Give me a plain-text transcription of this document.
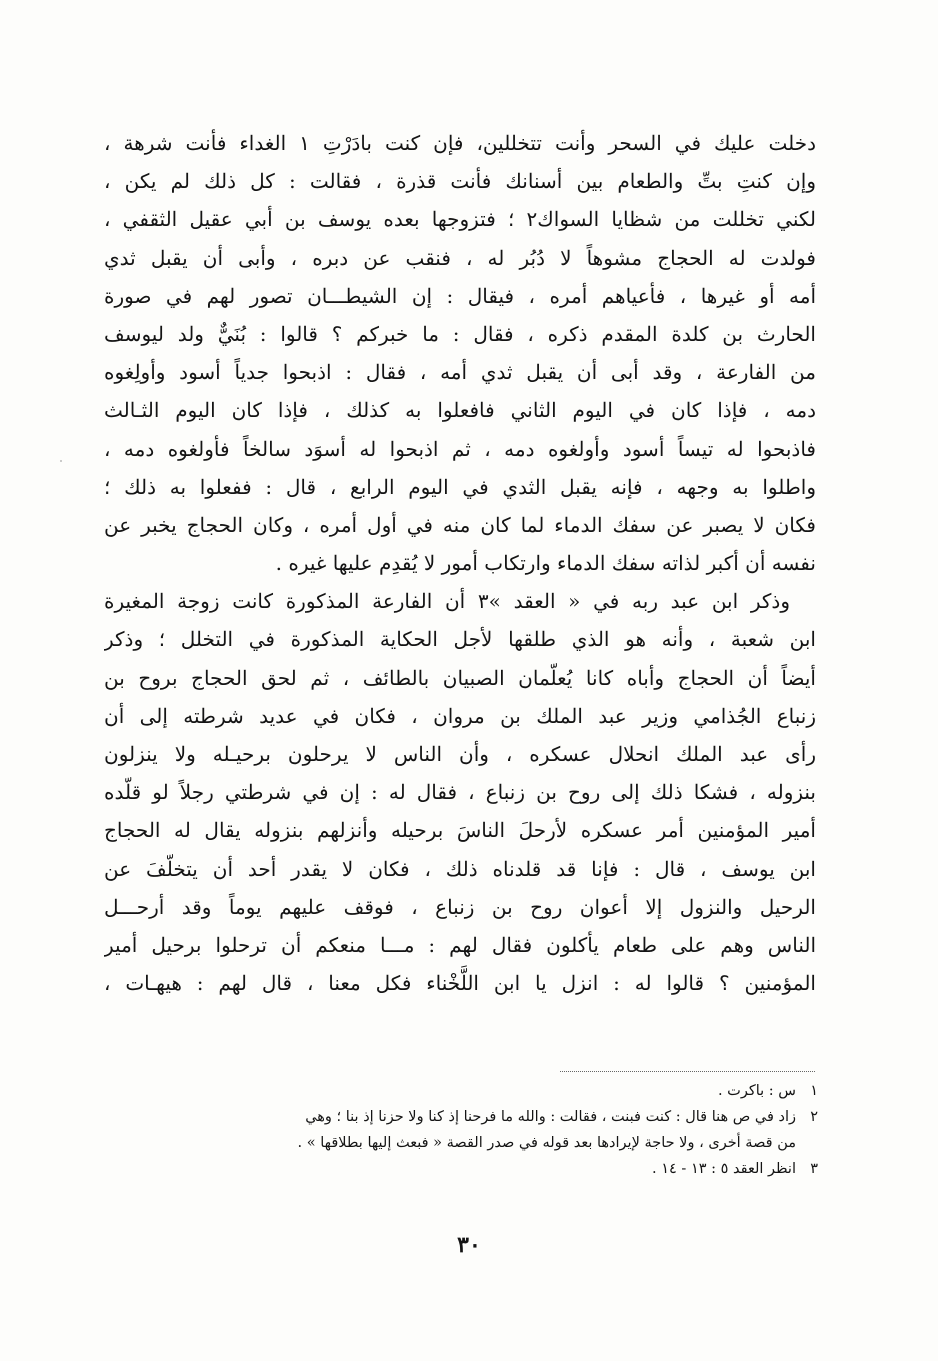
دخلت عليك في السحر وأنت تتخللين، فإن كنت بادَرْتِ ١ الغداء فأنت شرهة ،
وإن كنتِ بتِّ والطعام بين أسنانك فأنت قذرة ، فقالت : كل ذلك لم يكن ،
لكني تخللت من شظايا السواك٢ ؛ فتزوجها بعده يوسف بن أبي عقيل الثقفي ،
فولدت له الحجاج مشوهاً لا دُبُر له ، فنقب عن دبره ، وأبى أن يقبل ثدي
أمه أو غيرها ، فأعياهم أمره ، فيقال : إن الشيطـــان تصور لهم في صورة
الحارث بن كلدة المقدم ذكره ، فقال : ما خبركم ؟ قالوا : بُنَيٌّ ولد ليوسف
من الفارعة ، وقد أبى أن يقبل ثدي أمه ، فقال : اذبحوا جدياً أسود وأولِغوه
دمه ، فإذا كان في اليوم الثاني فافعلوا به كذلك ، فإذا كان اليوم الثـالث
فاذبحوا له تيساً أسود وأولغوه دمه ، ثم اذبحوا له أسوَد سالخاً فأولغوه دمه ،
واطلوا به وجهه ، فإنه يقبل الثدي في اليوم الرابع ، قال : ففعلوا به ذلك ؛
فكان لا يصبر عن سفك الدماء لما كان منه في أول أمره ، وكان الحجاج يخبر عن
نفسه أن أكبر لذاته سفك الدماء وارتكاب أمور لا يُقدِم عليها غيره .
وذكر ابن عبد ربه في « العقد »٣ أن الفارعة المذكورة كانت زوجة المغيرة
ابن شعبة ، وأنه هو الذي طلقها لأجل الحكاية المذكورة في التخلل ؛ وذكر
أيضاً أن الحجاج وأباه كانا يُعلّمان الصبيان بالطائف ، ثم لحق الحجاج بروح بن
زنباع الجُذامي وزير عبد الملك بن مروان ، فكان في عديد شرطته إلى أن
رأى عبد الملك انحلال عسكره ، وأن الناس لا يرحلون برحيـله ولا ينزلون
بنزوله ، فشكا ذلك إلى روح بن زنباع ، فقال له : إن في شرطتي رجلاً لو قلّده
أمير المؤمنين أمر عسكره لأرحلَ الناسَ برحيله وأنزلهم بنزوله يقال له الحجاج
ابن يوسف ، قال : فإنا قد قلدناه ذلك ، فكان لا يقدر أحد أن يتخلّفَ عن
الرحيل والنزول إلا أعوان روح بن زنباع ، فوقف عليهم يوماً وقد أرحـــل
الناس وهم على طعام يأكلون فقال لهم : مـــا منعكم أن ترحلوا برحيل أمير
المؤمنين ؟ قالوا له : انزل يا ابن اللَّخْناء فكل معنا ، قال لهم : هيهـات ،
١س : باكرت .
٢زاد في ص هنا قال : كنت فبنت ، فقالت : والله ما فرحنا إذ كنا ولا حزنا إذ بنا ؛ وهي
من قصة أخرى ، ولا حاجة لإيرادها بعد قوله في صدر القصة « فبعث إليها بطلاقها » .
٣انظر العقد ٥ : ١٣ - ١٤ .
٣٠
